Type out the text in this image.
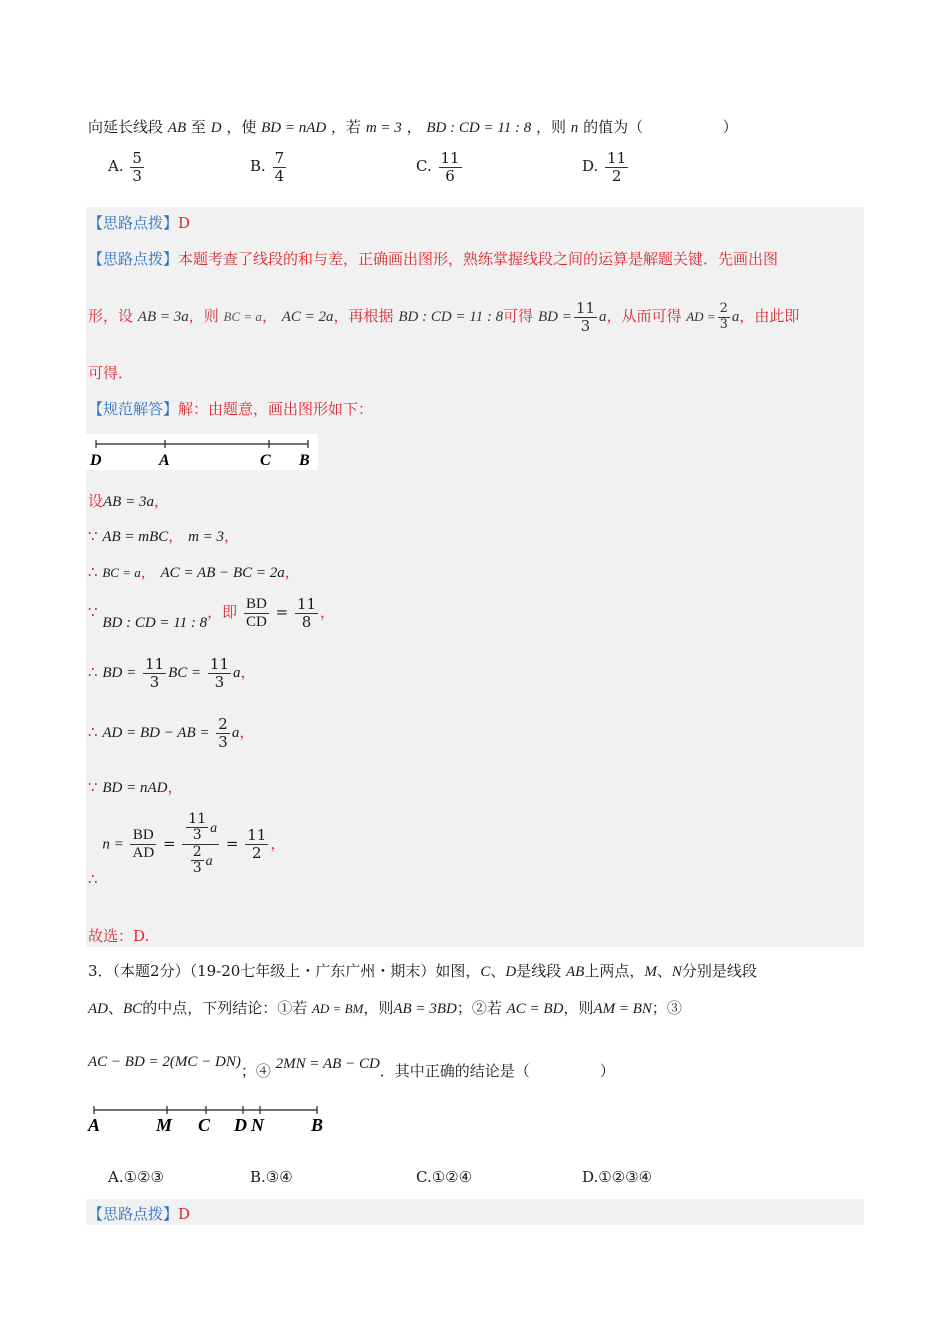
向延长线段 AB 至 D ，使 BD = nAD ，若 m = 3 ， BD : CD = 11 : 8 ，则 n 的值为（	）
A. $\frac{5}{3}$	B. $\frac{7}{4}$	C. $\frac{11}{6}$	D. $\frac{11}{2}$
【思路点拨】D
【思路点拨】本题考查了线段的和与差，正确画出图形，熟练掌握线段之间的运算是解题关键．先画出图
形，设 AB = 3a，则 BC = a， AC = 2a，再根据 BD : CD = 11 : 8可得 BD = $\frac{11}{3}$ a，从而可得 AD = $\frac{2}{3}$ a，由此即
可得．
【规范解答】解：由题意，画出图形如下：
D	A	C B
设AB = 3a，
∵ AB = mBC， m = 3，
∴ BC = a， AC = AB − BC = 2a，
∵ BD : CD = 11 : 8，即 $\frac{BD}{CD} = \frac{11}{8}$ ，
∴ BD = $\frac{11}{3}$ BC = $\frac{11}{3}$ a，
∴ AD = BD − AB = $\frac{2}{3}$ a，
∵ BD = nAD，
∴ $n = \frac{BD}{AD} = \frac{\frac{11}{3} a}{\frac{2}{3} a} = \frac{11}{2}$ ，
故选：D.
3．（本题2分）（19-20七年级上・广东广州・期末）如图，C、D是线段 AB上两点，M、N分别是线段
AD、BC的中点，下列结论：①若 AD = BM，则AB = 3BD；②若 AC = BD，则AM = BN；③
AC − BD = 2(MC − DN)；④ 2MN = AB − CD．其中正确的结论是（	）
A	M C D N	B
A.①②③	B.③④	C.①②④	D.①②③④
【思路点拨】D
